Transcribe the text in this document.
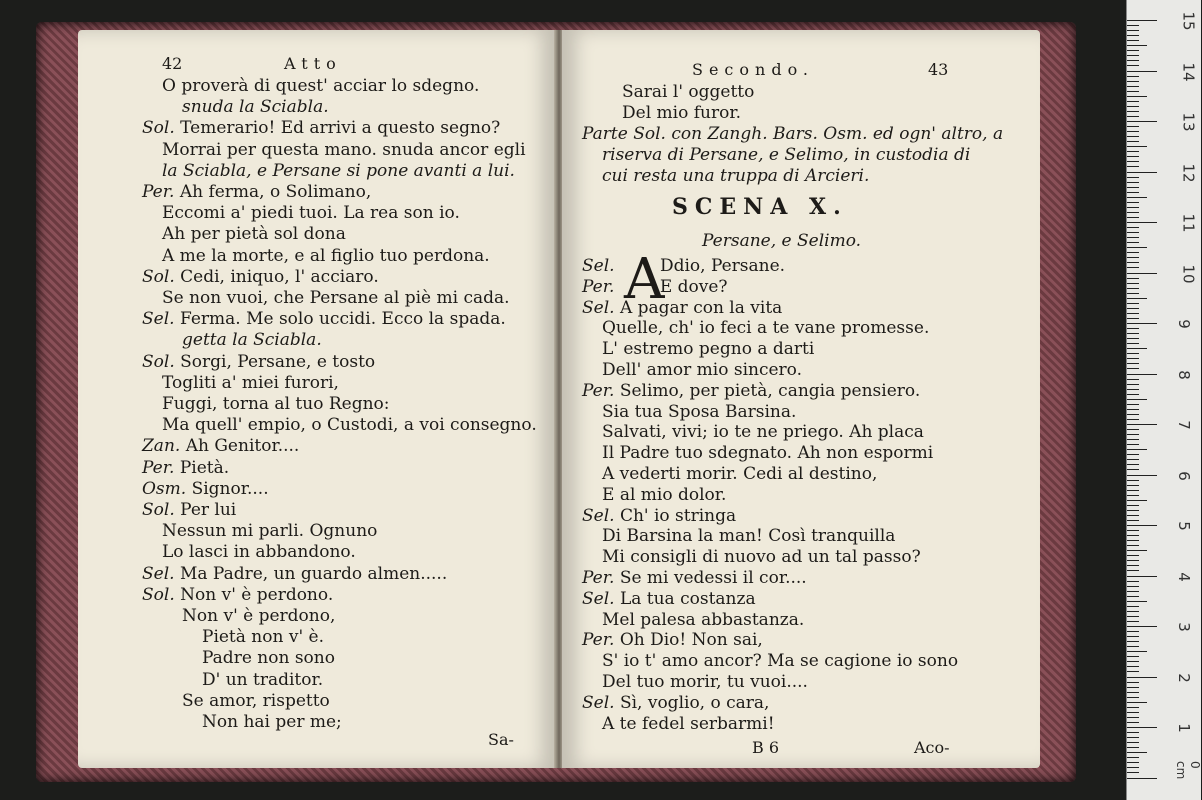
42	Atto
O proverà di quest' acciar lo sdegno.
snuda la Sciabla.
Sol. Temerario! Ed arrivi a questo segno?
Morrai per questa mano. snuda ancor egli
la Sciabla, e Persane si pone avanti a lui.
Per. Ah ferma, o Solimano,
Eccomi a' piedi tuoi. La rea son io.
Ah per pietà sol dona
A me la morte, e al figlio tuo perdona.
Sol. Cedi, iniquo, l' acciaro.
Se non vuoi, che Persane al piè mi cada.
Sel. Ferma. Me solo uccidi. Ecco la spada.
getta la Sciabla.
Sol. Sorgi, Persane, e tosto
Togliti a' miei furori,
Fuggi, torna al tuo Regno:
Ma quell' empio, o Custodi, a voi consegno.
Zan. Ah Genitor....
Per. Pietà.
Osm. Signor....
Sol. Per lui
Nessun mi parli. Ognuno
Lo lasci in abbandono.
Sel. Ma Padre, un guardo almen.....
Sol. Non v' è perdono.
Non v' è perdono,
Pietà non v' è.
Padre non sono
D' un traditor.
Se amor, rispetto
Non hai per me;
Sa-
Secondo.	43
Sarai l' oggetto
Del mio furor.
Parte Sol. con Zangh. Bars. Osm. ed ogn' altro, a
riserva di Persane, e Selimo, in custodia di
cui resta una truppa di Arcieri.
SCENA X.
Persane, e Selimo.
A
Sel. Ddio, Persane.
Per. E dove?
Sel. A pagar con la vita
Quelle, ch' io feci a te vane promesse.
L' estremo pegno a darti
Dell' amor mio sincero.
Per. Selimo, per pietà, cangia pensiero.
Sia tua Sposa Barsina.
Salvati, vivi; io te ne priego. Ah placa
Il Padre tuo sdegnato. Ah non espormi
A vederti morir. Cedi al destino,
E al mio dolor.
Sel. Ch' io stringa
Di Barsina la man! Così tranquilla
Mi consigli di nuovo ad un tal passo?
Per. Se mi vedessi il cor....
Sel. La tua costanza
Mel palesa abbastanza.
Per. Oh Dio! Non sai,
S' io t' amo ancor? Ma se cagione io sono
Del tuo morir, tu vuoi....
Sel. Sì, voglio, o cara,
A te fedel serbarmi!
B 6	Aco-
0 cm
15
14
13
12
11
10
9
8
7
6
5
4
3
2
1
